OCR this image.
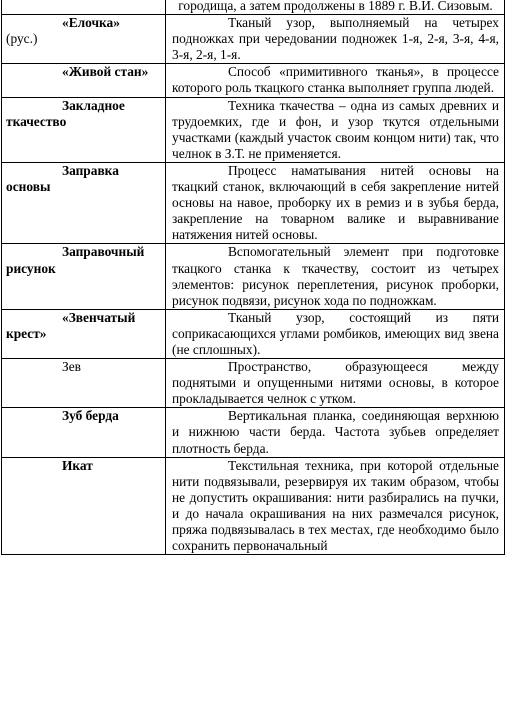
	городища, а затем продолжены в 1889 г. В.И. Сизовым.

«Елочка»
(рус.)	Тканый узор, выполняемый на четырех подножках при чередовании подножек 1-я, 2-я, 3-я, 4-я, 3-я, 2-я, 1-я.

«Живой стан»	Способ «примитивного тканья», в процессе которого роль ткацкого станка выполняет группа людей.

Закладное
ткачество	Техника ткачества – одна из самых древних и трудоемких, где и фон, и узор ткутся отдельными участками (каждый участок своим концом нити) так, что челнок в З.Т. не применяется.

Заправка
основы	Процесс наматывания нитей основы на ткацкий станок, включающий в себя закрепление нитей основы на навое, проборку их в ремиз и в зубья берда, закрепление на товарном валике и выравнивание натяжения нитей основы.

Заправочный
рисунок	Вспомогательный элемент при подготовке ткацкого станка к ткачеству, состоит из четырех элементов: рисунок переплетения, рисунок проборки, рисунок подвязи, рисунок хода по подножкам.

«Звенчатый
крест»	Тканый узор, состоящий из пяти соприкасающихся углами ромбиков, имеющих вид звена (не сплошных).

Зев	Пространство, образующееся между поднятыми и опущенными нитями основы, в которое прокладывается челнок с утком.

Зуб берда	Вертикальная планка, соединяющая верхнюю и нижнюю части берда. Частота зубьев определяет плотность берда.

Икат	Текстильная техника, при которой отдельные нити подвязывали, резервируя их таким образом, чтобы не допустить окрашивания: нити разбирались на пучки, и до начала окрашивания на них размечался рисунок, пряжа подвязывалась в тех местах, где необходимо было сохранить первоначальный
